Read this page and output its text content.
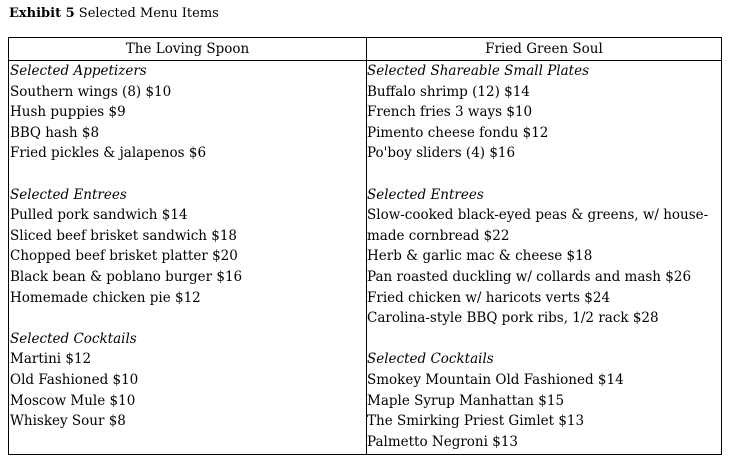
Exhibit 5 Selected Menu Items
The Loving Spoon	Fried Green Soul
Selected Appetizers
Southern wings (8) $10
Hush puppies $9
BBQ hash $8
Fried pickles & jalapenos $6
Selected Entrees
Pulled pork sandwich $14
Sliced beef brisket sandwich $18
Chopped beef brisket platter $20
Black bean & poblano burger $16
Homemade chicken pie $12
Selected Cocktails
Martini $12
Old Fashioned $10
Moscow Mule $10
Whiskey Sour $8
Selected Shareable Small Plates
Buffalo shrimp (12) $14
French fries 3 ways $10
Pimento cheese fondu $12
Po'boy sliders (4) $16
Selected Entrees
Slow-cooked black-eyed peas & greens, w/ house-
made cornbread $22
Herb & garlic mac & cheese $18
Pan roasted duckling w/ collards and mash $26
Fried chicken w/ haricots verts $24
Carolina-style BBQ pork ribs, 1/2 rack $28
Selected Cocktails
Smokey Mountain Old Fashioned $14
Maple Syrup Manhattan $15
The Smirking Priest Gimlet $13
Palmetto Negroni $13
